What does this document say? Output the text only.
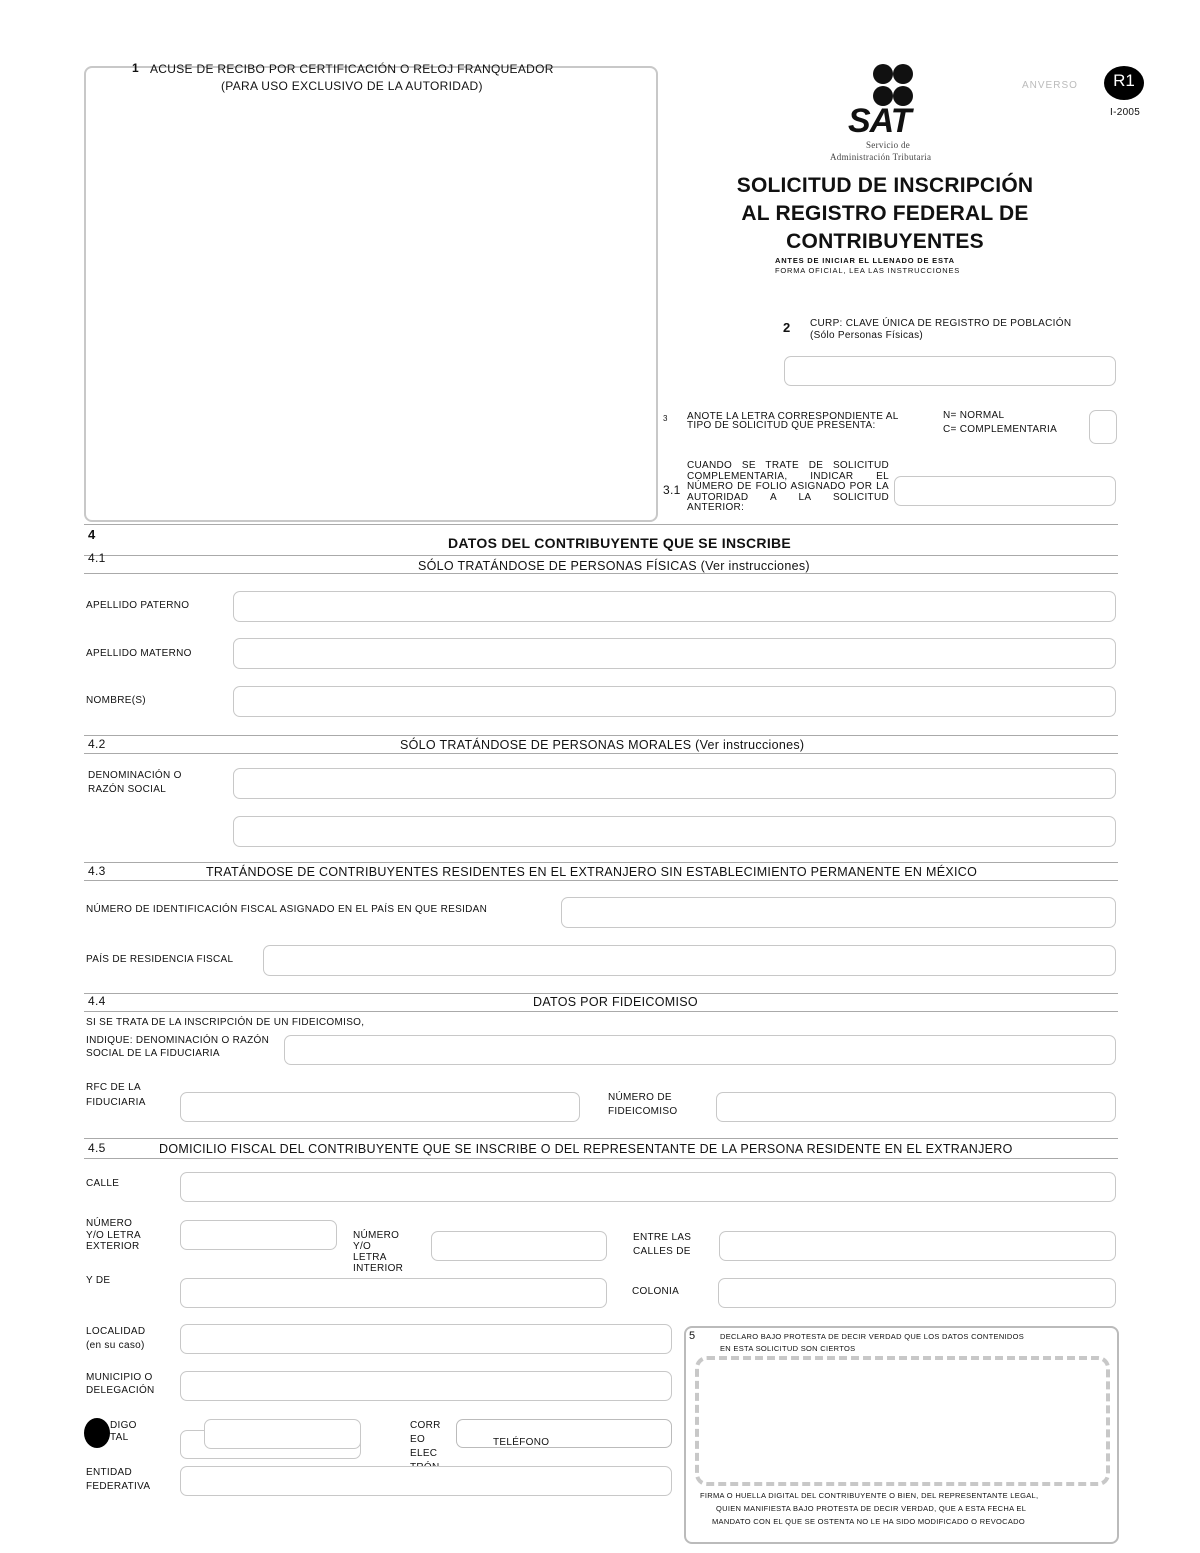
1 ACUSE DE RECIBO POR CERTIFICACIÓN O RELOJ FRANQUEADOR
(PARA USO EXCLUSIVO DE LA AUTORIDAD)
SAT
Servicio de
Administración Tributaria
ANVERSO	R1
I-2005
SOLICITUD DE INSCRIPCIÓN
AL REGISTRO FEDERAL DE
CONTRIBUYENTES
ANTES DE INICIAR EL LLENADO DE ESTA
FORMA OFICIAL, LEA LAS INSTRUCCIONES
2 CURP: CLAVE ÚNICA DE REGISTRO DE POBLACIÓN
(Sólo Personas Físicas)
3 ANOTE LA LETRA CORRESPONDIENTE AL TIPO DE SOLICITUD QUE PRESENTA:
N= NORMAL
C= COMPLEMENTARIA
3.1
CUANDO SE TRATE DE SOLICITUD COMPLEMENTARIA, INDICAR EL NÚMERO DE FOLIO ASIGNADO POR LA AUTORIDAD A LA SOLICITUD ANTERIOR:
4
DATOS DEL CONTRIBUYENTE QUE SE INSCRIBE
4.1
SÓLO TRATÁNDOSE DE PERSONAS FÍSICAS (Ver instrucciones)
APELLIDO PATERNO
APELLIDO MATERNO
NOMBRE(S)
4.2	SÓLO TRATÁNDOSE DE PERSONAS MORALES (Ver instrucciones)
DENOMINACIÓN O
RAZÓN SOCIAL
4.3	TRATÁNDOSE DE CONTRIBUYENTES RESIDENTES EN EL EXTRANJERO SIN ESTABLECIMIENTO PERMANENTE EN MÉXICO
NÚMERO DE IDENTIFICACIÓN FISCAL ASIGNADO EN EL PAÍS EN QUE RESIDAN
PAÍS DE RESIDENCIA FISCAL
4.4	DATOS POR FIDEICOMISO
SI SE TRATA DE LA INSCRIPCIÓN DE UN FIDEICOMISO,
INDIQUE: DENOMINACIÓN O RAZÓN
SOCIAL DE LA FIDUCIARIA
RFC DE LA
FIDUCIARIA	NÚMERO DE
FIDEICOMISO
4.5	DOMICILIO FISCAL DEL CONTRIBUYENTE QUE SE INSCRIBE O DEL REPRESENTANTE DE LA PERSONA RESIDENTE EN EL EXTRANJERO
CALLE
NÚMERO
Y/O LETRA
EXTERIOR
NÚMERO
Y/O
LETRA
INTERIOR
ENTRE LAS
CALLES DE
Y DE
COLONIA
LOCALIDAD
(en su caso)
MUNICIPIO O
DELEGACIÓN
DIGO
TAL
CORR
EO
ELEC
TELÉFONO
ENTIDAD
FEDERATIVA
5	DECLARO BAJO PROTESTA DE DECIR VERDAD QUE LOS DATOS CONTENIDOS
EN ESTA SOLICITUD SON CIERTOS
FIRMA O HUELLA DIGITAL DEL CONTRIBUYENTE O BIEN, DEL REPRESENTANTE LEGAL,
QUIEN MANIFIESTA BAJO PROTESTA DE DECIR VERDAD, QUE A ESTA FECHA EL
MANDATO CON EL QUE SE OSTENTA NO LE HA SIDO MODIFICADO O REVOCADO
